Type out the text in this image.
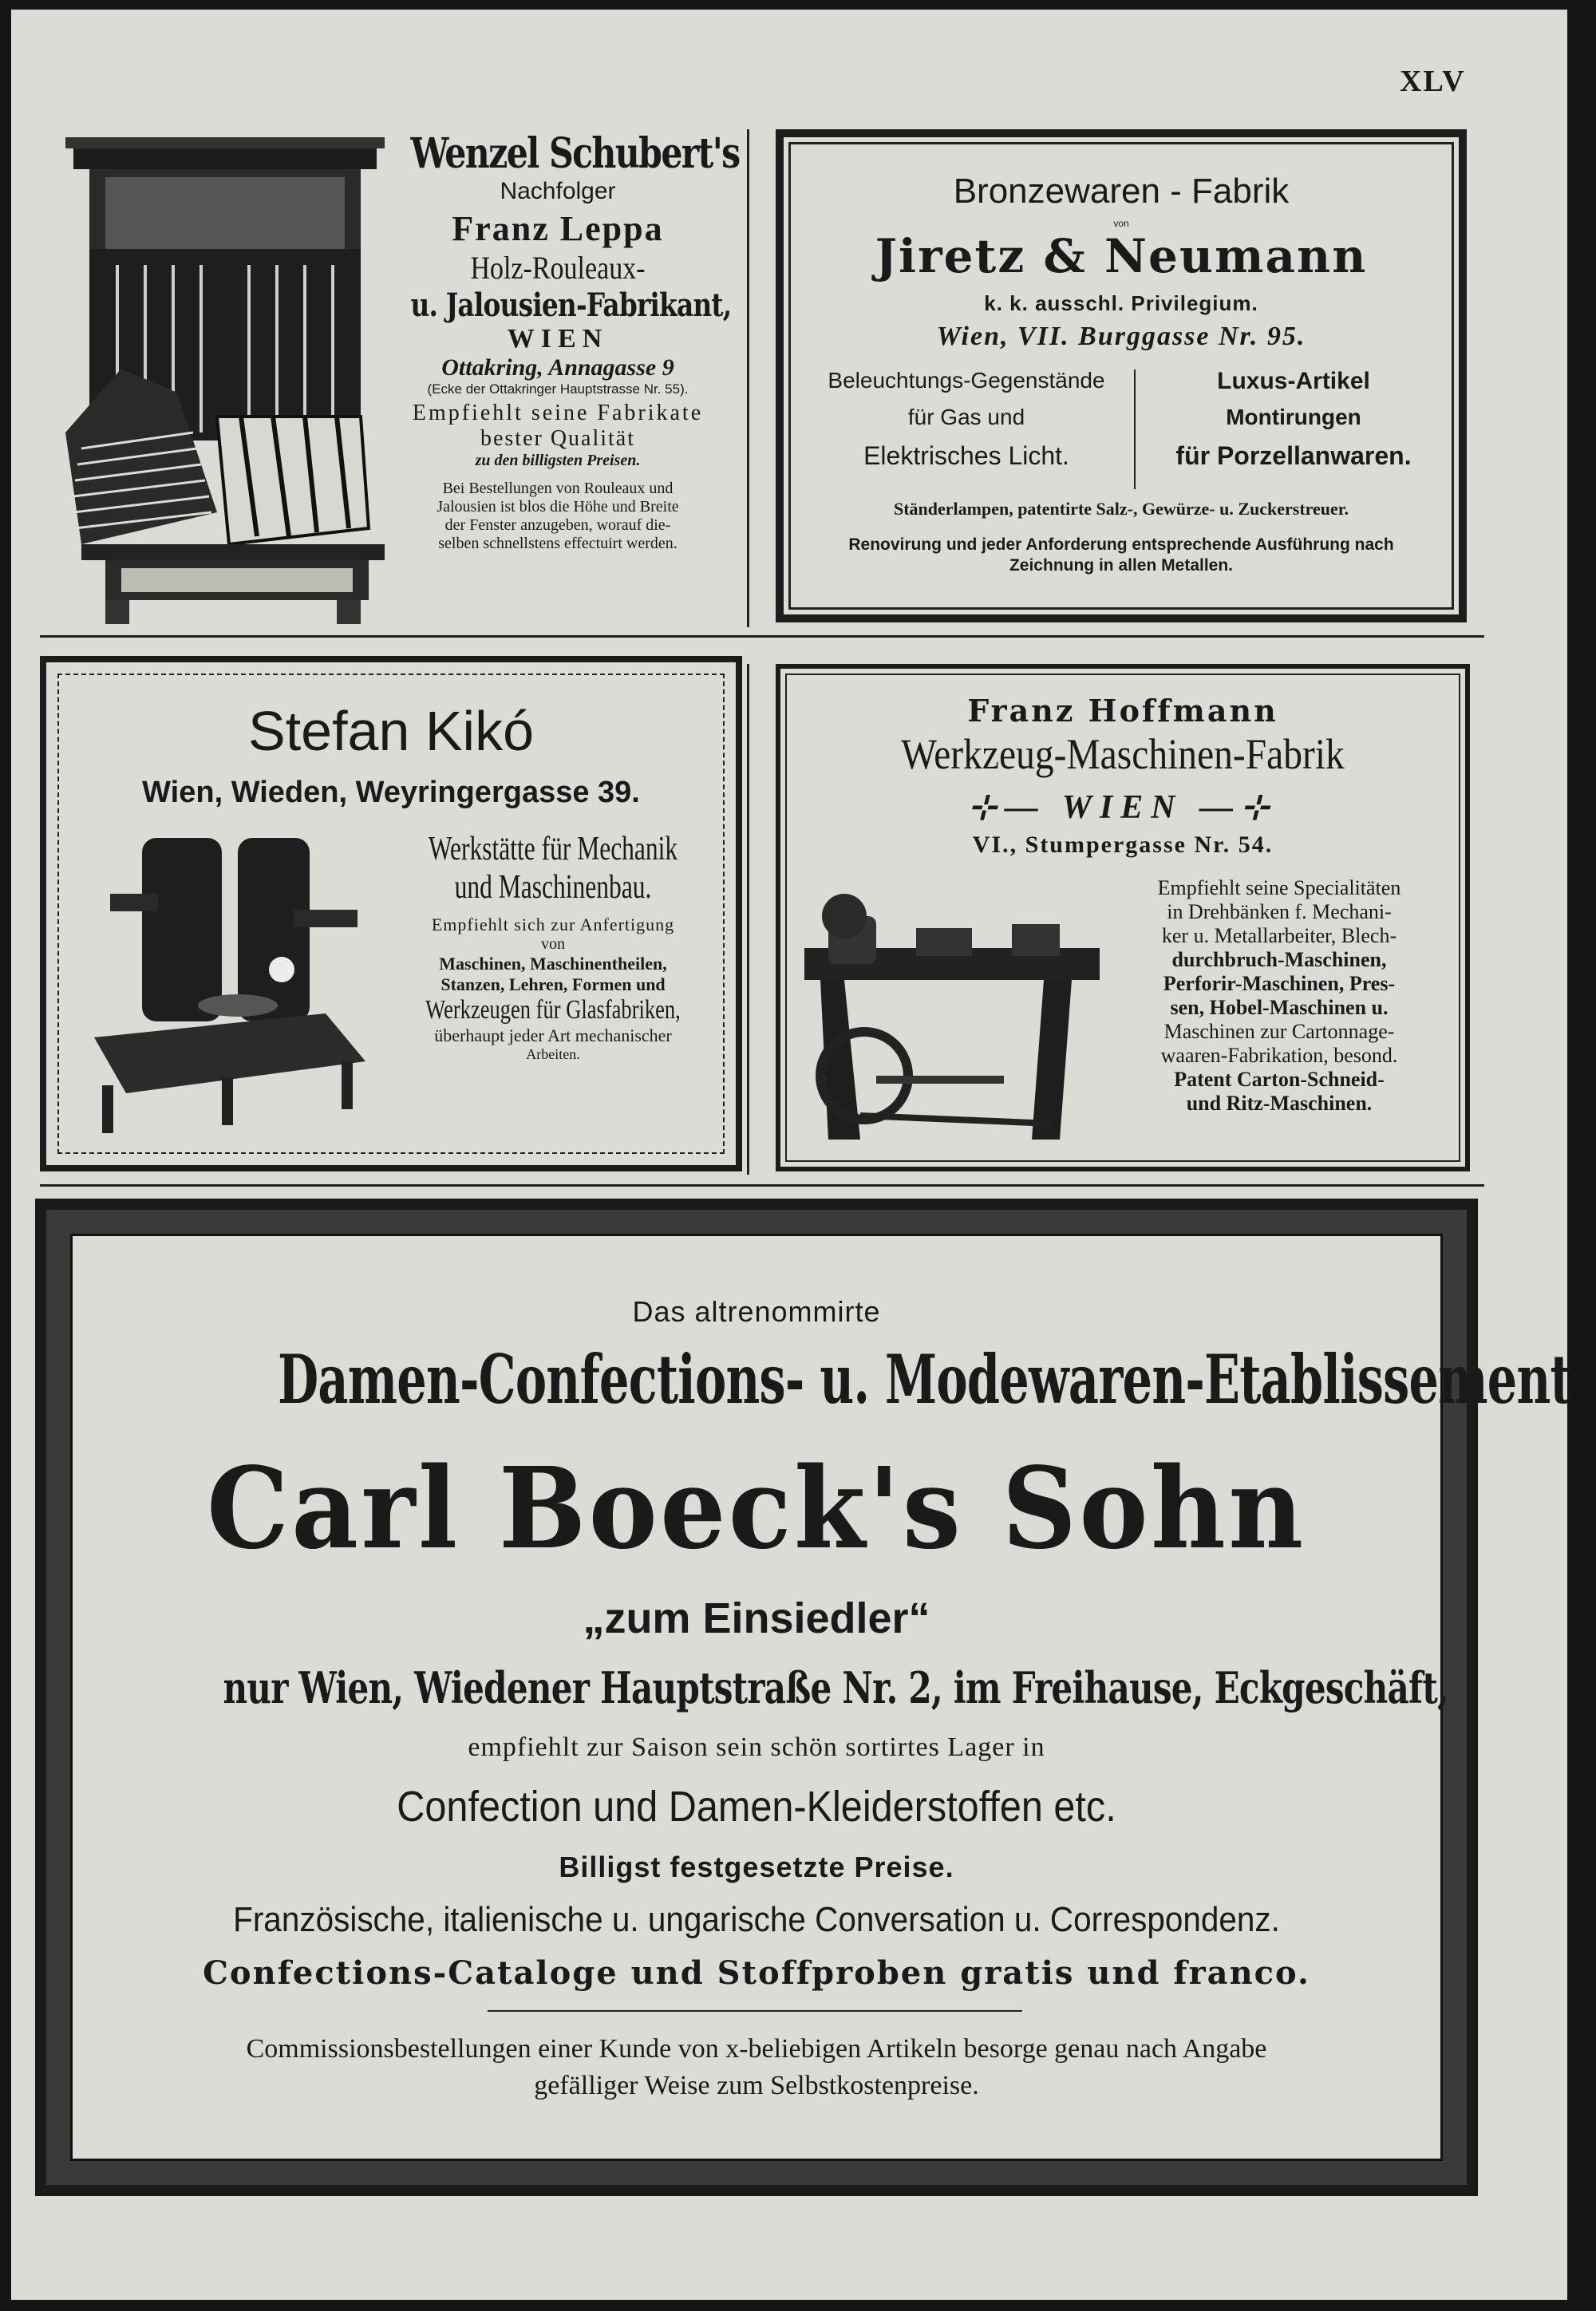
XLV
Wenzel Schubert's
Nachfolger
Franz Leppa
Holz-Rouleaux-
u. Jalousien-Fabrikant,
WIEN
Ottakring, Annagasse 9
(Ecke der Ottakringer Hauptstrasse Nr. 55).
Empfiehlt seine Fabrikate
bester Qualität
zu den billigsten Preisen.
Bei Bestellungen von Rouleaux und
Jalousien ist blos die Höhe und Breite
der Fenster anzugeben, worauf die-
selben schnellstens effectuirt werden.
Bronzewaren - Fabrik
von
Jiretz & Neumann
k. k. ausschl. Privilegium.
Wien, VII. Burggasse Nr. 95.
Beleuchtungs-Gegenstände
für Gas und
Elektrisches Licht.
Luxus-Artikel
Montirungen
für Porzellanwaren.
Ständerlampen, patentirte Salz-, Gewürze- u. Zuckerstreuer.
Renovirung und jeder Anforderung entsprechende Ausführung nach
Zeichnung in allen Metallen.
Stefan Kikó
Wien, Wieden, Weyringergasse 39.
Werkstätte für Mechanik
und Maschinenbau.
Empfiehlt sich zur Anfertigung
von
Maschinen, Maschinentheilen,
Stanzen, Lehren, Formen und
Werkzeugen für Glasfabriken,
überhaupt jeder Art mechanischer
Arbeiten.
Franz Hoffmann
Werkzeug-Maschinen-Fabrik
⊹— WIEN —⊹
VI., Stumpergasse Nr. 54.
Empfiehlt seine Specialitäten
in Drehbänken f. Mechani-
ker u. Metallarbeiter, Blech-
durchbruch-Maschinen,
Perforir-Maschinen, Pres-
sen, Hobel-Maschinen u.
Maschinen zur Cartonnage-
waaren-Fabrikation, besond.
Patent Carton-Schneid-
und Ritz-Maschinen.
Das altrenommirte
Damen-Confections- u. Modewaren-Etablissement
Carl Boeck's Sohn
„zum Einsiedler“
nur Wien, Wiedener Hauptstraße Nr. 2, im Freihause, Eckgeschäft,
empfiehlt zur Saison sein schön sortirtes Lager in
Confection und Damen-Kleiderstoffen etc.
Billigst festgesetzte Preise.
Französische, italienische u. ungarische Conversation u. Correspondenz.
Confections-Cataloge und Stoffproben gratis und franco.
Commissionsbestellungen einer Kunde von x-beliebigen Artikeln besorge genau nach Angabe
gefälliger Weise zum Selbstkostenpreise.
